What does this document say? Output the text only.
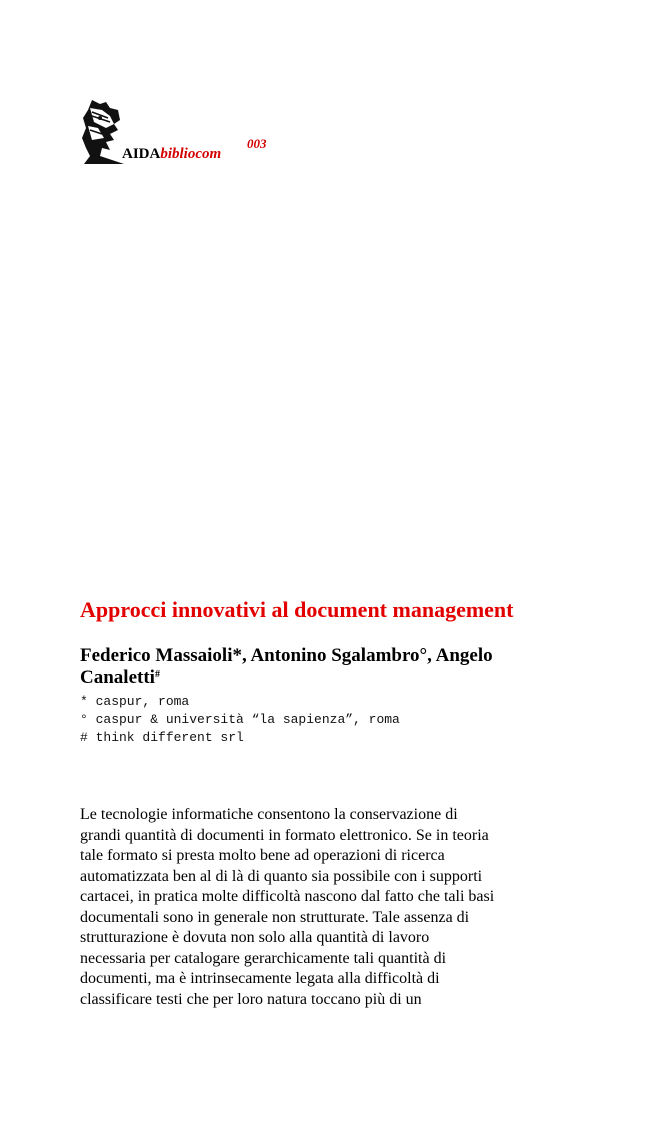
AIDAbibliocom
003
Approcci innovativi al document management
Federico Massaioli*, Antonino Sgalambro°, Angelo
Canaletti#
* caspur, roma
° caspur & università “la sapienza”, roma
# think different srl

Le tecnologie informatiche consentono la conservazione di
grandi quantità di documenti in formato elettronico. Se in teoria
tale formato si presta molto bene ad operazioni di ricerca
automatizzata ben al di là di quanto sia possibile con i supporti
cartacei, in pratica molte difficoltà nascono dal fatto che tali basi
documentali sono in generale non strutturate. Tale assenza di
strutturazione è dovuta non solo alla quantità di lavoro
necessaria per catalogare gerarchicamente tali quantità di
documenti, ma è intrinsecamente legata alla difficoltà di
classificare testi che per loro natura toccano più di un
